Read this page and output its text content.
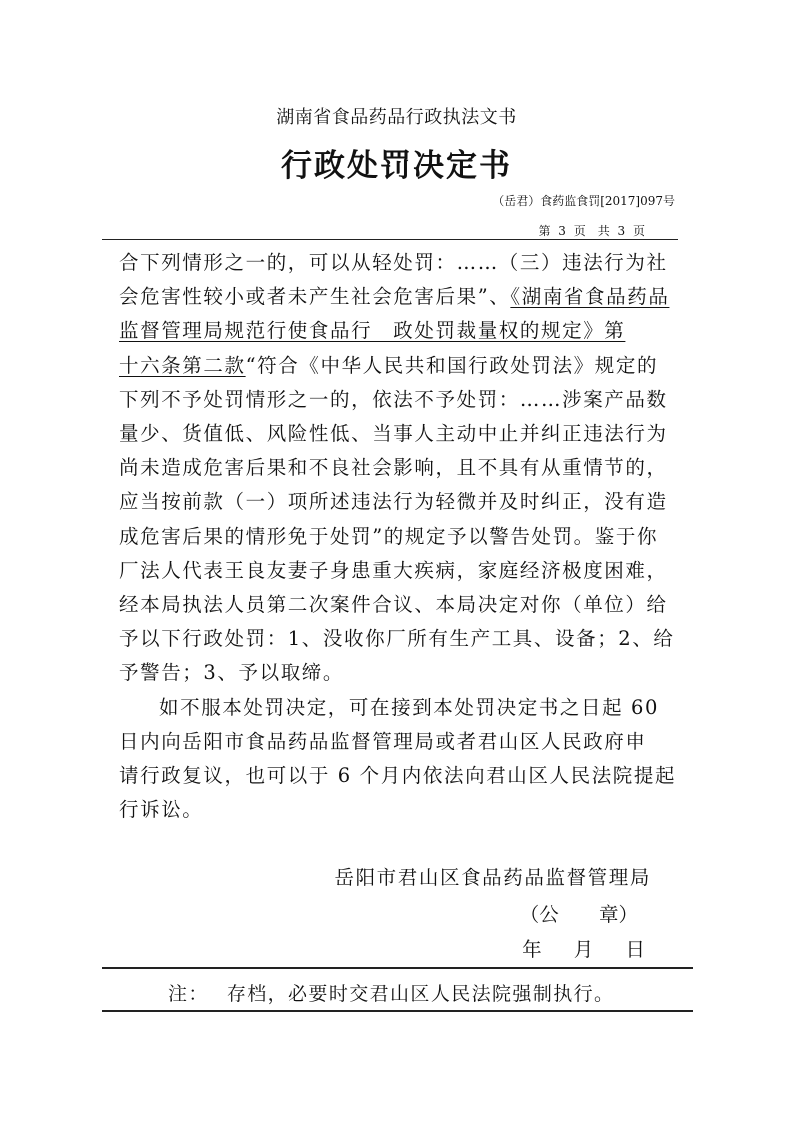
湖南省食品药品行政执法文书
行政处罚决定书
（岳君）食药监食罚[2017]097号
第 3 页　共 3 页
合下列情形之一的，可以从轻处罚：……（三）违法行为社
会危害性较小或者未产生社会危害后果”、《湖南省食品药品
监督管理局规范行使食品行　政处罚裁量权的规定》第
十六条第二款“符合《中华人民共和国行政处罚法》规定的
下列不予处罚情形之一的，依法不予处罚：……涉案产品数
量少、货值低、风险性低、当事人主动中止并纠正违法行为
尚未造成危害后果和不良社会影响，且不具有从重情节的，
应当按前款（一）项所述违法行为轻微并及时纠正，没有造
成危害后果的情形免于处罚”的规定予以警告处罚。鉴于你
厂法人代表王良友妻子身患重大疾病，家庭经济极度困难，
经本局执法人员第二次案件合议、本局决定对你（单位）给
予以下行政处罚：1、没收你厂所有生产工具、设备；2、给
予警告；3、予以取缔。
如不服本处罚决定，可在接到本处罚决定书之日起 60
日内向岳阳市食品药品监督管理局或者君山区人民政府申
请行政复议，也可以于 6 个月内依法向君山区人民法院提起
行诉讼。
岳阳市君山区食品药品监督管理局
（公 章）
年 月 日
注： 存档，必要时交君山区人民法院强制执行。
